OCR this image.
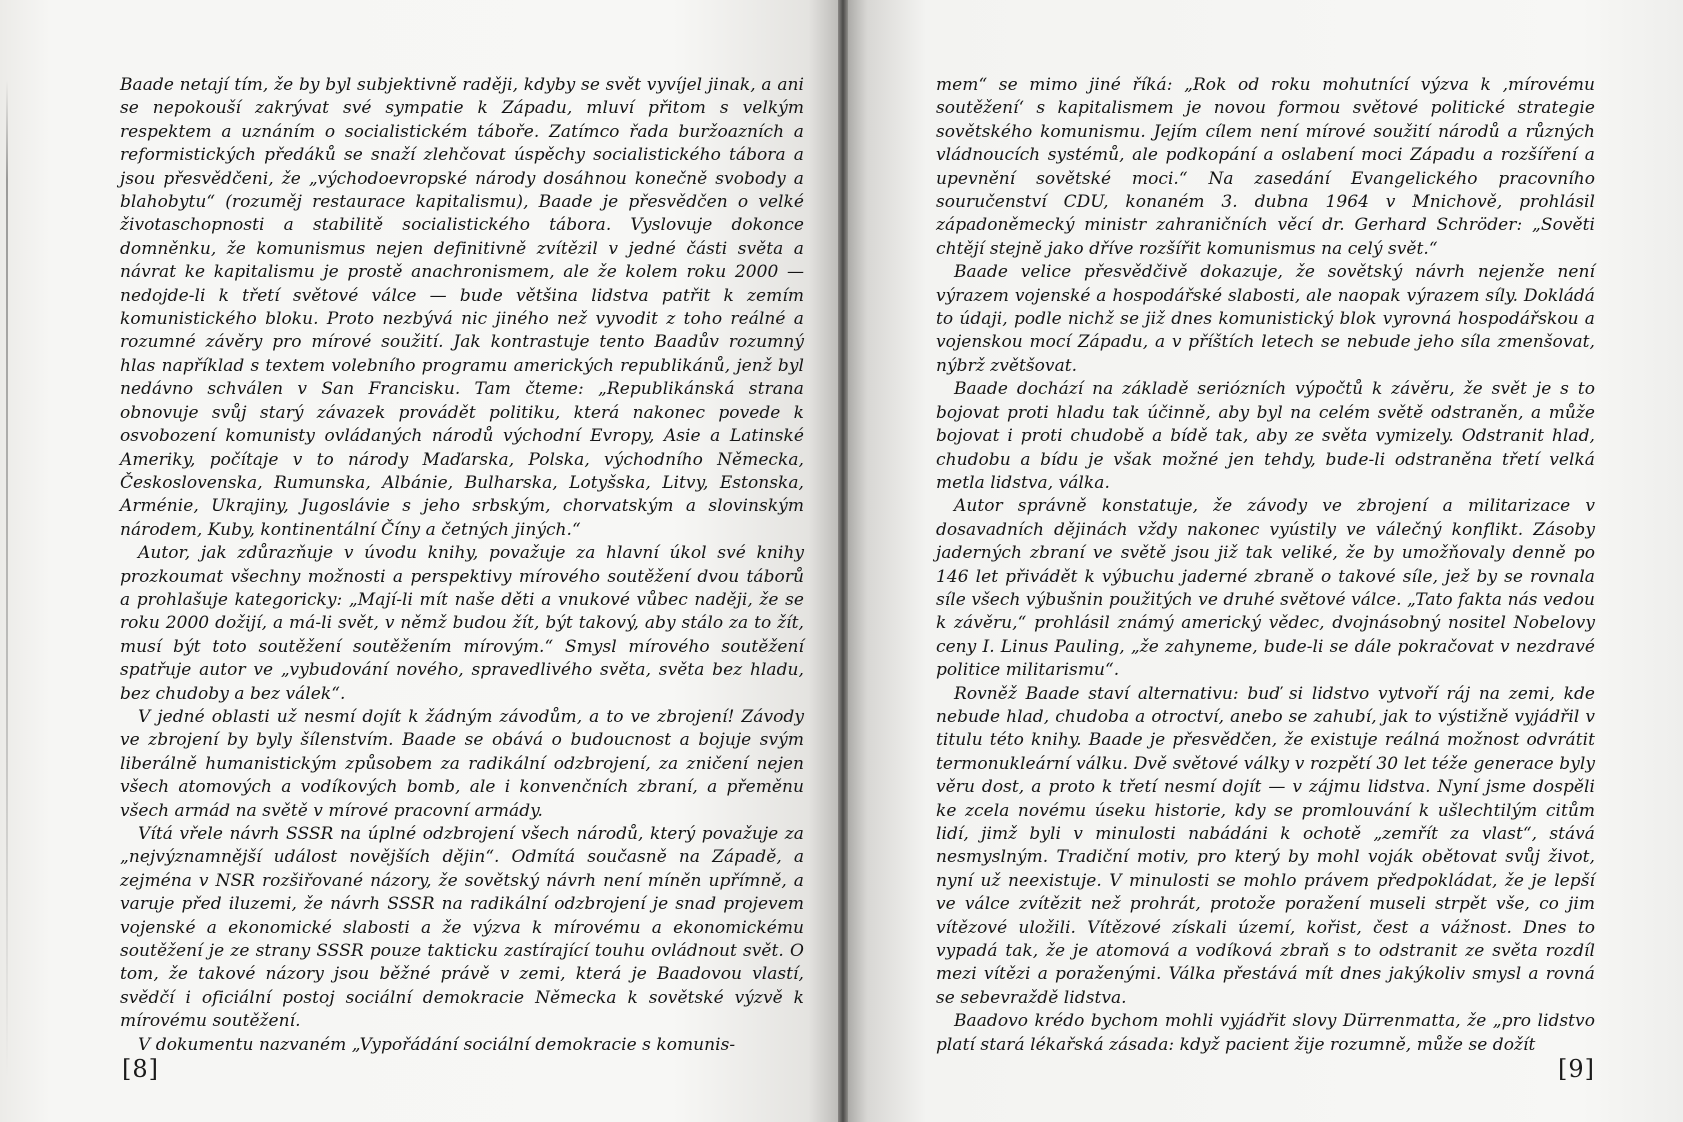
Baade netají tím, že by byl subjektivně raději, kdyby se svět vyvíjel jinak, a ani se nepokouší zakrývat své sympatie k Západu, mluví přitom s velkým respektem a uznáním o socialistickém táboře. Zatímco řada buržoazních a reformistických předáků se snaží zlehčovat úspěchy socialistického tábora a jsou přesvědčeni, že „východoevropské národy dosáhnou konečně svobody a blahobytu“ (rozuměj restaurace kapitalismu), Baade je přesvědčen o velké životaschopnosti a stabilitě socialistického tábora. Vyslovuje dokonce domněnku, že komunismus nejen definitivně zvítězil v jedné části světa a návrat ke kapitalismu je prostě anachronismem, ale že kolem roku 2000 — nedojde-li k třetí světové válce — bude většina lidstva patřit k zemím komunistického bloku. Proto nezbývá nic jiného než vyvodit z toho reálné a rozumné závěry pro mírové soužití. Jak kontrastuje tento Baadův rozumný hlas například s textem volebního programu amerických republikánů, jenž byl nedávno schválen v San Francisku. Tam čteme: „Republikánská strana obnovuje svůj starý závazek provádět politiku, která nakonec povede k osvobození komunisty ovládaných národů východní Evropy, Asie a Latinské Ameriky, počítaje v to národy Maďarska, Polska, východního Německa, Československa, Rumunska, Albánie, Bulharska, Lotyšska, Litvy, Estonska, Arménie, Ukrajiny, Jugoslávie s jeho srbským, chorvatským a slovinským národem, Kuby, kontinentální Číny a četných jiných.“

Autor, jak zdůrazňuje v úvodu knihy, považuje za hlavní úkol své knihy prozkoumat všechny možnosti a perspektivy mírového soutěžení dvou táborů a prohlašuje kategoricky: „Mají-li mít naše děti a vnukové vůbec naději, že se roku 2000 dožijí, a má-li svět, v němž budou žít, být takový, aby stálo za to žít, musí být toto soutěžení soutěžením mírovým.“ Smysl mírového soutěžení spatřuje autor ve „vybudování nového, spravedlivého světa, světa bez hladu, bez chudoby a bez válek“.

V jedné oblasti už nesmí dojít k žádným závodům, a to ve zbrojení! Závody ve zbrojení by byly šílenstvím. Baade se obává o budoucnost a bojuje svým liberálně humanistickým způsobem za radikální odzbrojení, za zničení nejen všech atomových a vodíkových bomb, ale i konvenčních zbraní, a přeměnu všech armád na světě v mírové pracovní armády.

Vítá vřele návrh SSSR na úplné odzbrojení všech národů, který považuje za „nejvýznamnější událost novějších dějin“. Odmítá současně na Západě, a zejména v NSR rozšiřované názory, že sovětský návrh není míněn upřímně, a varuje před iluzemi, že návrh SSSR na radikální odzbrojení je snad projevem vojenské a ekonomické slabosti a že výzva k mírovému a ekonomickému soutěžení je ze strany SSSR pouze takticku zastírající touhu ovládnout svět. O tom, že takové názory jsou běžné právě v zemi, která je Baadovou vlastí, svědčí i oficiální postoj sociální demokracie Německa k sovětské výzvě k mírovému soutěžení.

V dokumentu nazvaném „Vypořádání sociální demokracie s komunis-

[8]

mem“ se mimo jiné říká: „Rok od roku mohutnící výzva k ‚mírovému soutěžení‘ s kapitalismem je novou formou světové politické strategie sovětského komunismu. Jejím cílem není mírové soužití národů a různých vládnoucích systémů, ale podkopání a oslabení moci Západu a rozšíření a upevnění sovětské moci.“ Na zasedání Evangelického pracovního souručenství CDU, konaném 3. dubna 1964 v Mnichově, prohlásil západoněmecký ministr zahraničních věcí dr. Gerhard Schröder: „Sověti chtějí stejně jako dříve rozšířit komunismus na celý svět.“

Baade velice přesvědčivě dokazuje, že sovětský návrh nejenže není výrazem vojenské a hospodářské slabosti, ale naopak výrazem síly. Dokládá to údaji, podle nichž se již dnes komunistický blok vyrovná hospodářskou a vojenskou mocí Západu, a v příštích letech se nebude jeho síla zmenšovat, nýbrž zvětšovat.

Baade dochází na základě seriózních výpočtů k závěru, že svět je s to bojovat proti hladu tak účinně, aby byl na celém světě odstraněn, a může bojovat i proti chudobě a bídě tak, aby ze světa vymizely. Odstranit hlad, chudobu a bídu je však možné jen tehdy, bude-li odstraněna třetí velká metla lidstva, válka.

Autor správně konstatuje, že závody ve zbrojení a militarizace v dosavadních dějinách vždy nakonec vyústily ve válečný konflikt. Zásoby jaderných zbraní ve světě jsou již tak veliké, že by umožňovaly denně po 146 let přivádět k výbuchu jaderné zbraně o takové síle, jež by se rovnala síle všech výbušnin použitých ve druhé světové válce. „Tato fakta nás vedou k závěru,“ prohlásil známý americký vědec, dvojnásobný nositel Nobelovy ceny I. Linus Pauling, „že zahyneme, bude-li se dále pokračovat v nezdravé politice militarismu“.

Rovněž Baade staví alternativu: buď si lidstvo vytvoří ráj na zemi, kde nebude hlad, chudoba a otroctví, anebo se zahubí, jak to výstižně vyjádřil v titulu této knihy. Baade je přesvědčen, že existuje reálná možnost odvrátit termonukleární válku. Dvě světové války v rozpětí 30 let téže generace byly věru dost, a proto k třetí nesmí dojít — v zájmu lidstva. Nyní jsme dospěli ke zcela novému úseku historie, kdy se promlouvání k ušlechtilým citům lidí, jimž byli v minulosti nabádáni k ochotě „zemřít za vlast“, stává nesmyslným. Tradiční motiv, pro který by mohl voják obětovat svůj život, nyní už neexistuje. V minulosti se mohlo právem předpokládat, že je lepší ve válce zvítězit než prohrát, protože poražení museli strpět vše, co jim vítězové uložili. Vítězové získali území, kořist, čest a vážnost. Dnes to vypadá tak, že je atomová a vodíková zbraň s to odstranit ze světa rozdíl mezi vítězi a poraženými. Válka přestává mít dnes jakýkoliv smysl a rovná se sebevraždě lidstva.

Baadovo krédo bychom mohli vyjádřit slovy Dürrenmatta, že „pro lidstvo platí stará lékařská zásada: když pacient žije rozumně, může se dožít

[9]
